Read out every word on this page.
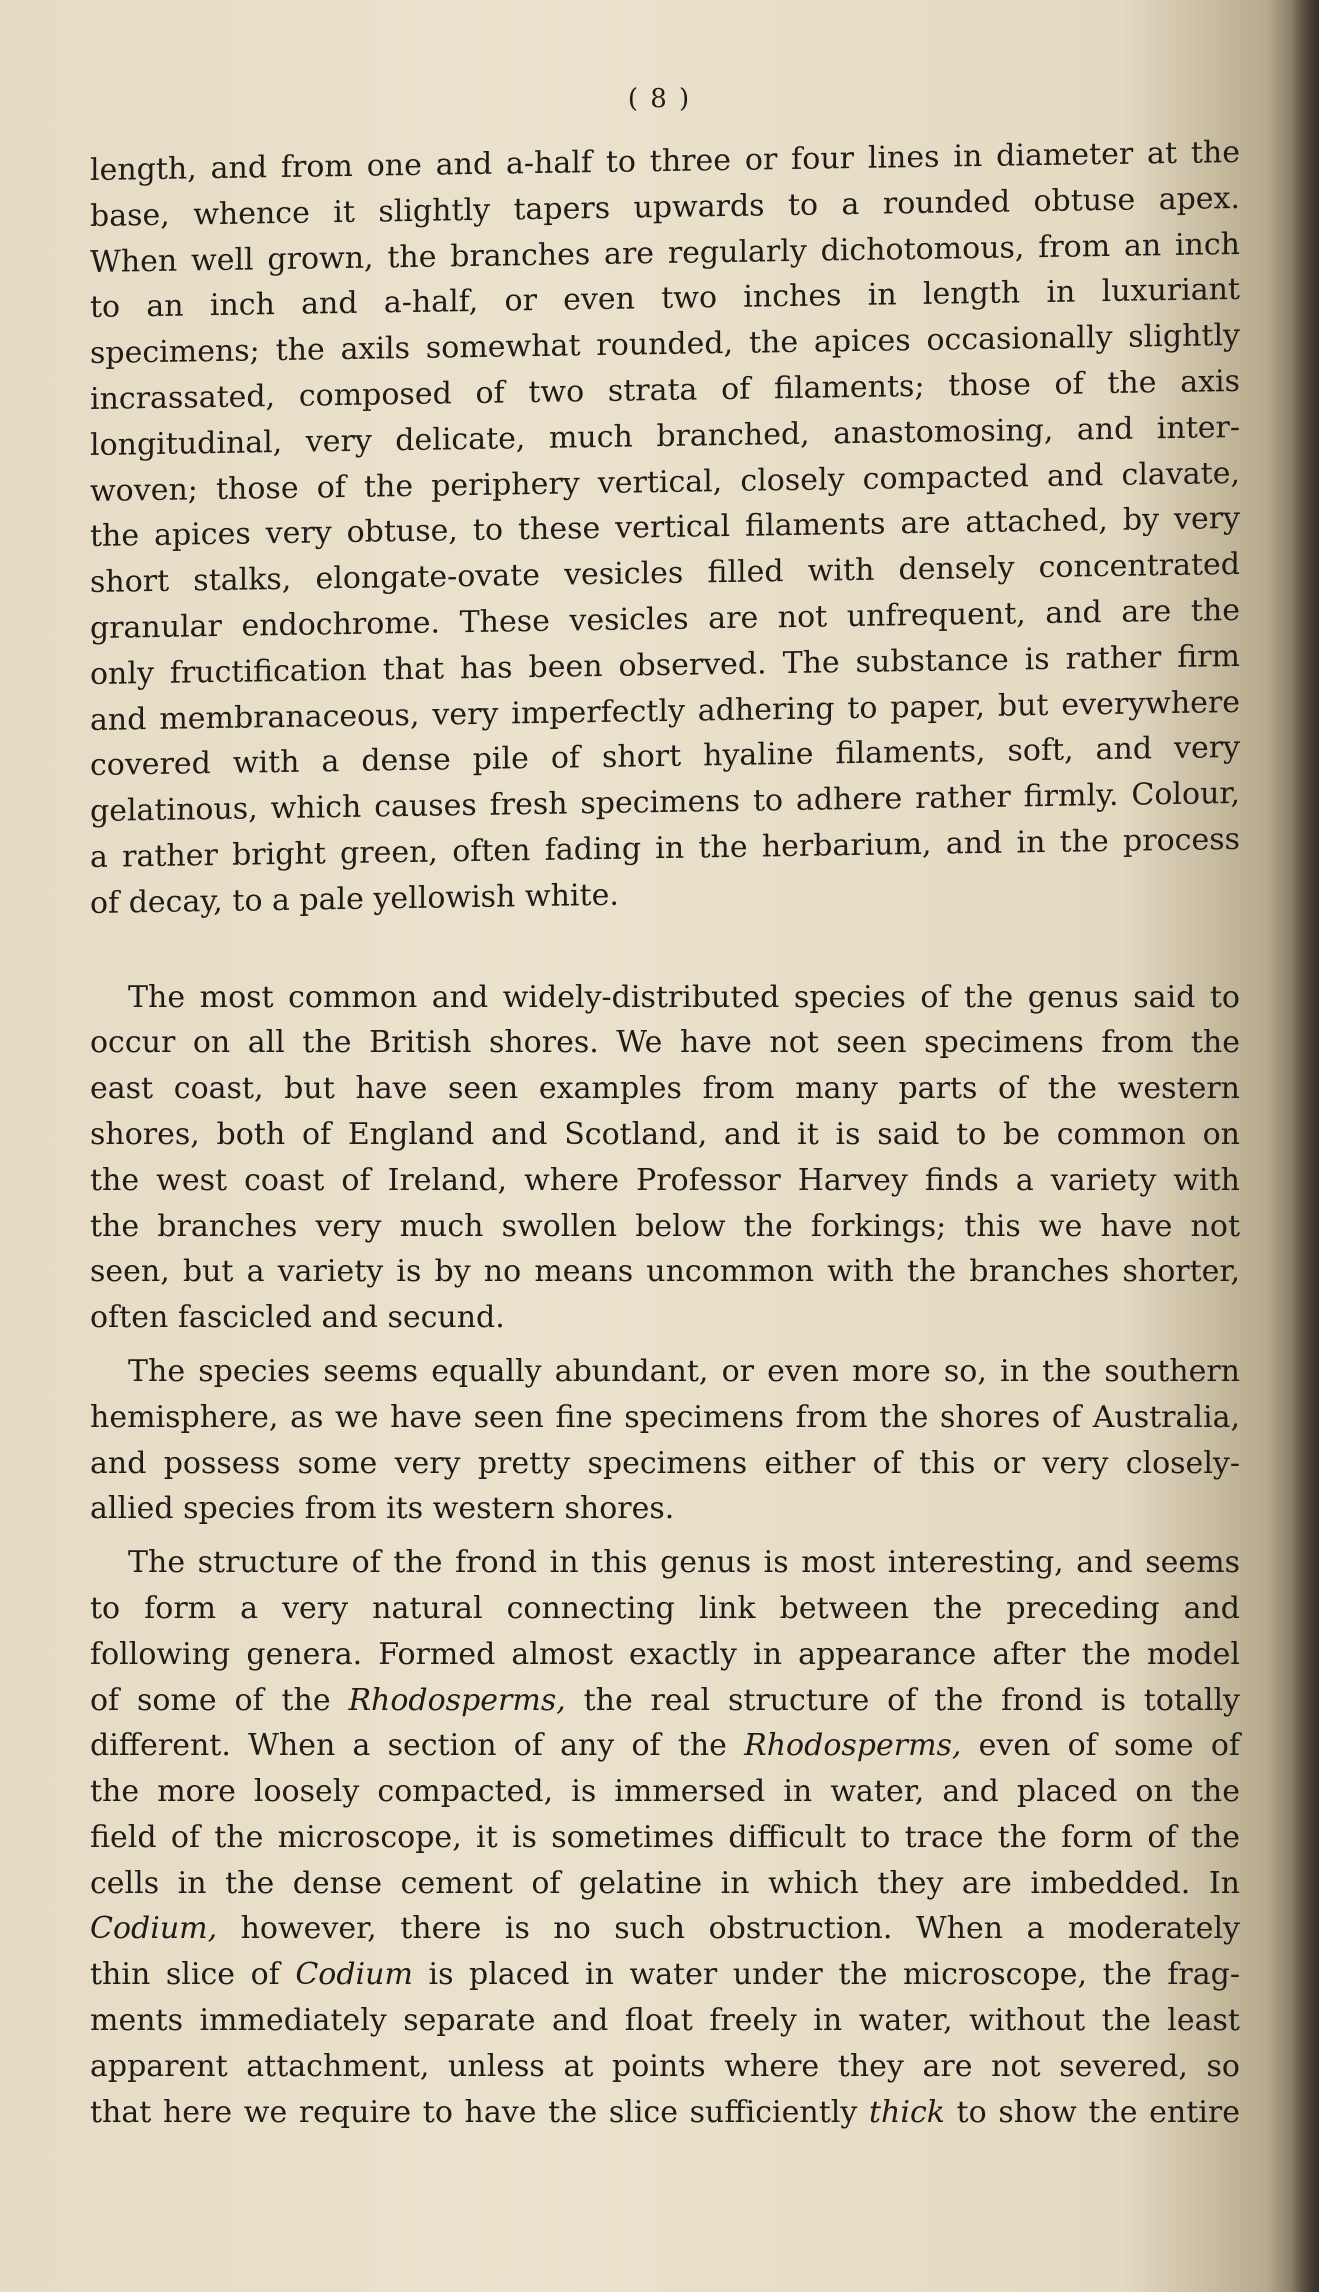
( 8 )
length, and from one and a-half to three or four lines in diameter at the
base, whence it slightly tapers upwards to a rounded obtuse apex.
When well grown, the branches are regularly dichotomous, from an inch
to an inch and a-half, or even two inches in length in luxuriant
specimens; the axils somewhat rounded, the apices occasionally slightly
incrassated, composed of two strata of filaments; those of the axis
longitudinal, very delicate, much branched, anastomosing, and inter-
woven; those of the periphery vertical, closely compacted and clavate,
the apices very obtuse, to these vertical filaments are attached, by very
short stalks, elongate-ovate vesicles filled with densely concentrated
granular endochrome. These vesicles are not unfrequent, and are the
only fructification that has been observed. The substance is rather firm
and membranaceous, very imperfectly adhering to paper, but everywhere
covered with a dense pile of short hyaline filaments, soft, and very
gelatinous, which causes fresh specimens to adhere rather firmly. Colour,
a rather bright green, often fading in the herbarium, and in the process
of decay, to a pale yellowish white.
The most common and widely-distributed species of the genus said to
occur on all the British shores. We have not seen specimens from the
east coast, but have seen examples from many parts of the western
shores, both of England and Scotland, and it is said to be common on
the west coast of Ireland, where Professor Harvey finds a variety with
the branches very much swollen below the forkings; this we have not
seen, but a variety is by no means uncommon with the branches shorter,
often fascicled and secund.
The species seems equally abundant, or even more so, in the southern
hemisphere, as we have seen fine specimens from the shores of Australia,
and possess some very pretty specimens either of this or very closely-
allied species from its western shores.
The structure of the frond in this genus is most interesting, and seems
to form a very natural connecting link between the preceding and
following genera. Formed almost exactly in appearance after the model
of some of the Rhodosperms, the real structure of the frond is totally
different. When a section of any of the Rhodosperms, even of some of
the more loosely compacted, is immersed in water, and placed on the
field of the microscope, it is sometimes difficult to trace the form of the
cells in the dense cement of gelatine in which they are imbedded. In
Codium, however, there is no such obstruction. When a moderately
thin slice of Codium is placed in water under the microscope, the frag-
ments immediately separate and float freely in water, without the least
apparent attachment, unless at points where they are not severed, so
that here we require to have the slice sufficiently thick to show the entire
